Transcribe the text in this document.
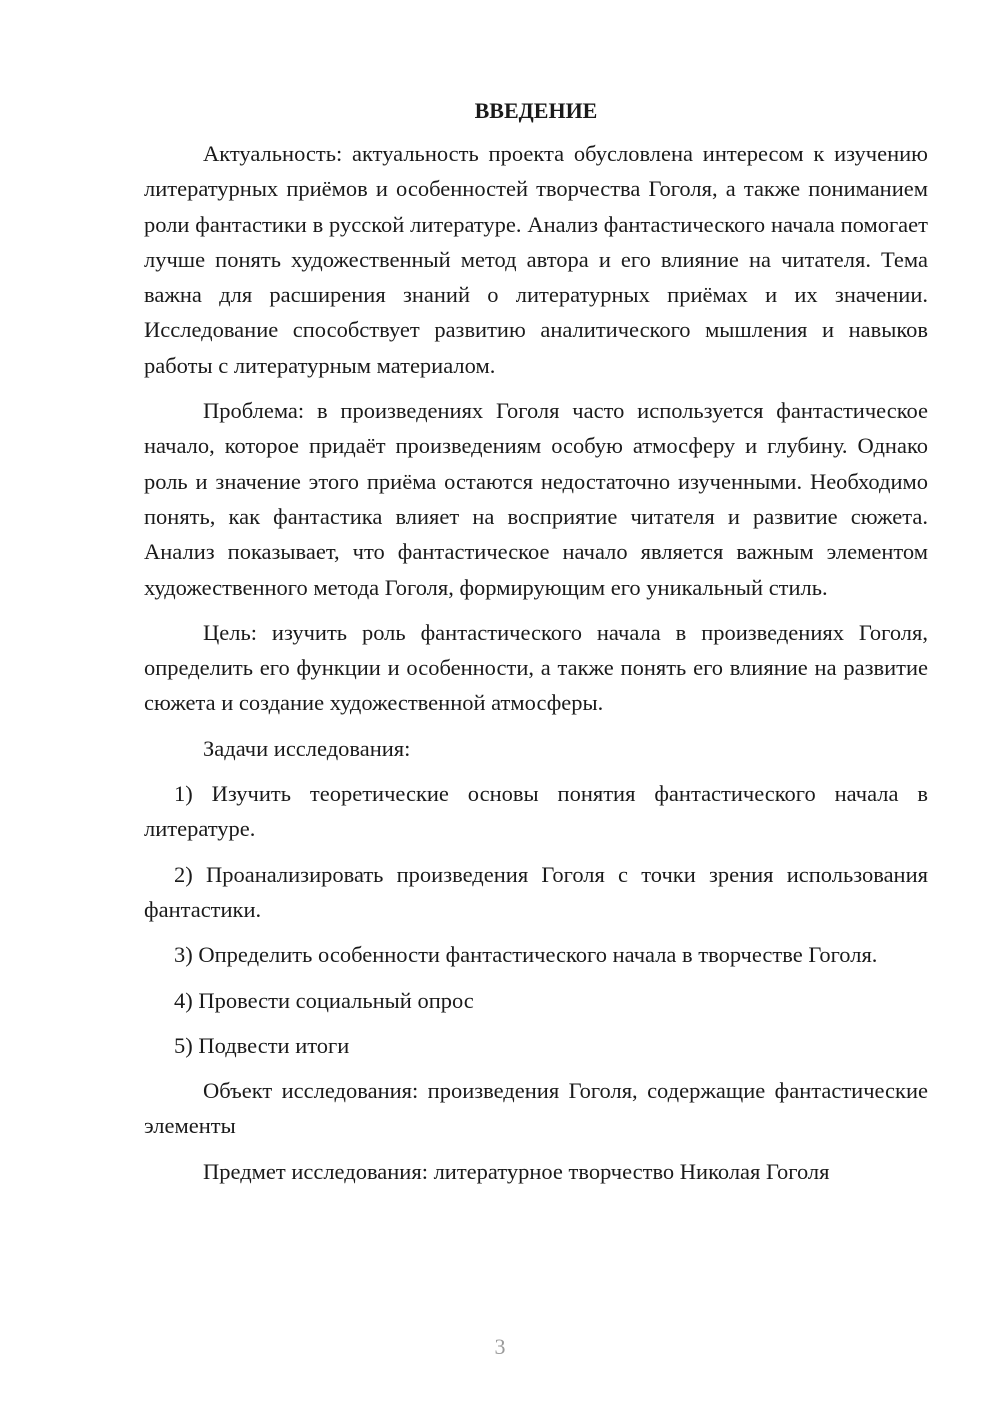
ВВЕДЕНИЕ

Актуальность: актуальность проекта обусловлена интересом к изучению литературных приёмов и особенностей творчества Гоголя, а также пониманием роли фантастики в русской литературе. Анализ фантастического начала помогает лучше понять художественный метод автора и его влияние на читателя. Тема важна для расширения знаний о литературных приёмах и их значении. Исследование способствует развитию аналитического мышления и навыков работы с литературным материалом.

Проблема: в произведениях Гоголя часто используется фантастическое начало, которое придаёт произведениям особую атмосферу и глубину. Однако роль и значение этого приёма остаются недостаточно изученными. Необходимо понять, как фантастика влияет на восприятие читателя и развитие сюжета. Анализ показывает, что фантастическое начало является важным элементом художественного метода Гоголя, формирующим его уникальный стиль.

Цель: изучить роль фантастического начала в произведениях Гоголя, определить его функции и особенности, а также понять его влияние на развитие сюжета и создание художественной атмосферы.

Задачи исследования:

1) Изучить теоретические основы понятия фантастического начала в литературе.

2) Проанализировать произведения Гоголя с точки зрения использования фантастики.

3) Определить особенности фантастического начала в творчестве Гоголя.

4) Провести социальный опрос

5) Подвести итоги

Объект исследования: произведения Гоголя, содержащие фантастические элементы

Предмет исследования: литературное творчество Николая Гоголя

3
